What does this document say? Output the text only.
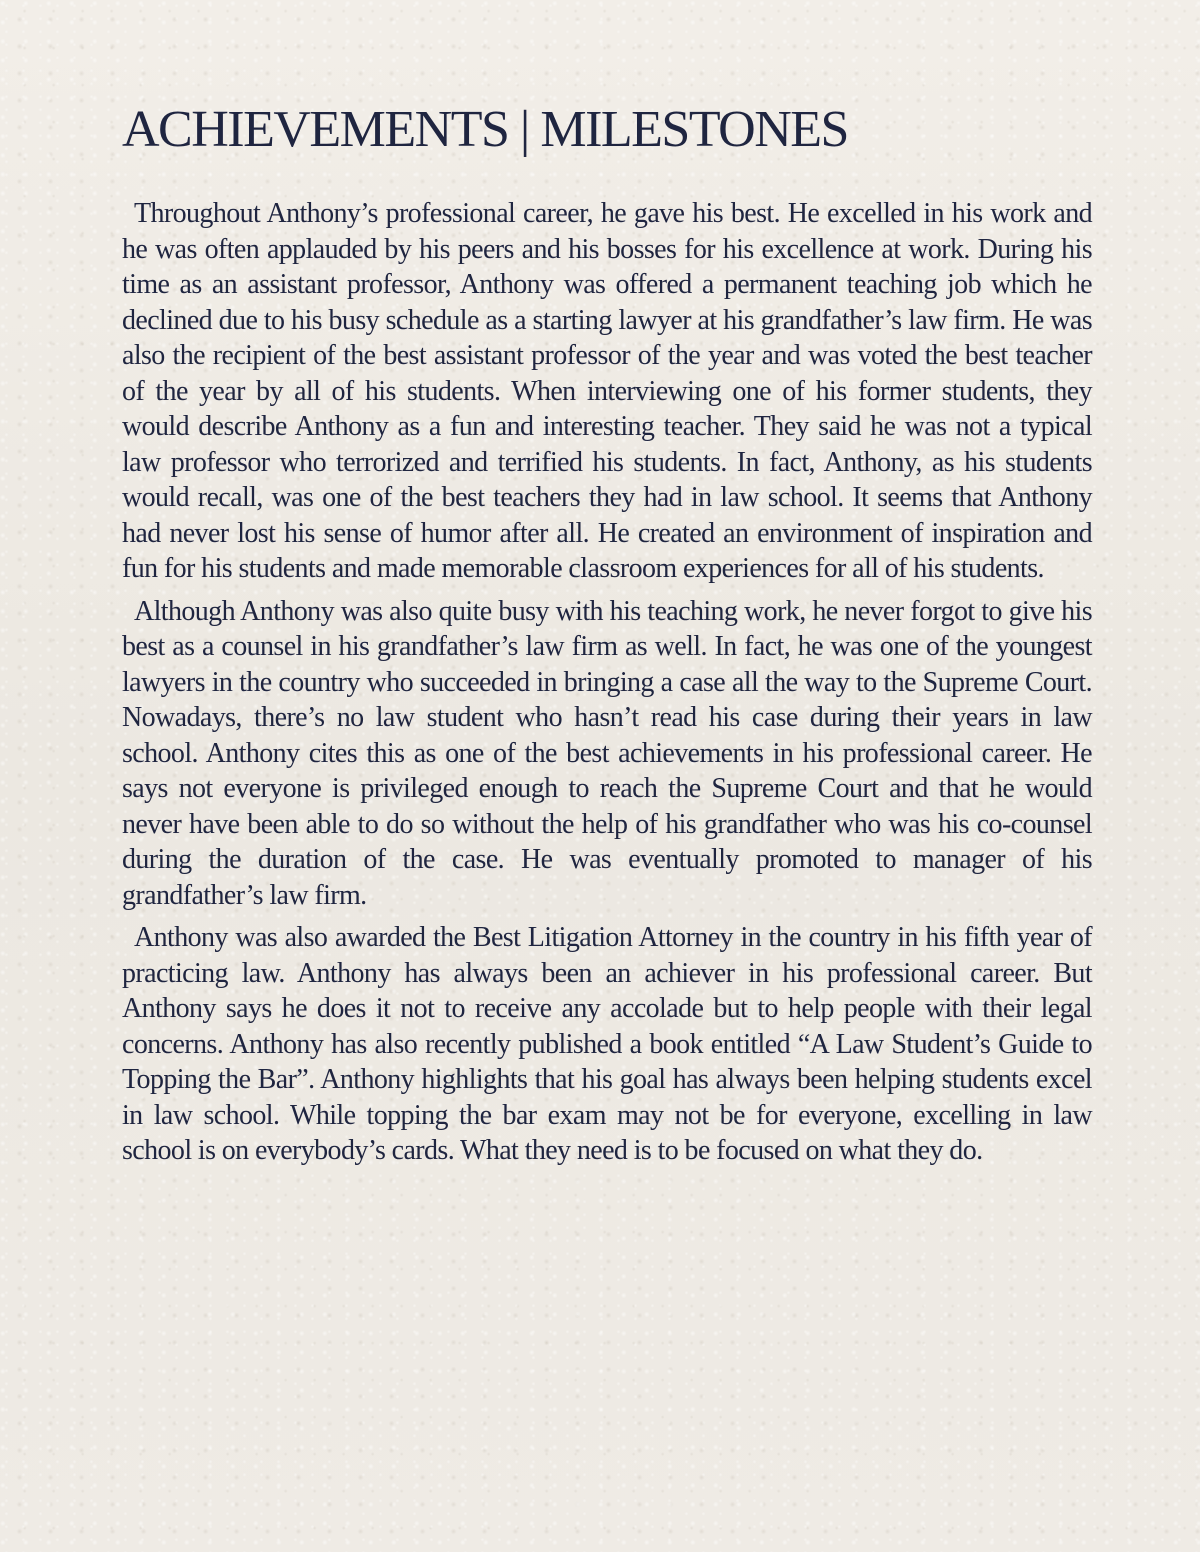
ACHIEVEMENTS | MILESTONES

Throughout Anthony’s professional career, he gave his best. He excelled in his work and he was often applauded by his peers and his bosses for his excellence at work. During his time as an assistant professor, Anthony was offered a permanent teaching job which he declined due to his busy schedule as a starting lawyer at his grandfather’s law firm. He was also the recipient of the best assistant professor of the year and was voted the best teacher of the year by all of his students. When interviewing one of his former students, they would describe Anthony as a fun and interesting teacher. They said he was not a typical law professor who terrorized and terrified his students. In fact, Anthony, as his students would recall, was one of the best teachers they had in law school. It seems that Anthony had never lost his sense of humor after all. He created an environment of inspiration and fun for his students and made memorable classroom experiences for all of his students.

Although Anthony was also quite busy with his teaching work, he never forgot to give his best as a counsel in his grandfather’s law firm as well. In fact, he was one of the youngest lawyers in the country who succeeded in bringing a case all the way to the Supreme Court. Nowadays, there’s no law student who hasn’t read his case during their years in law school. Anthony cites this as one of the best achievements in his professional career. He says not everyone is privileged enough to reach the Supreme Court and that he would never have been able to do so without the help of his grandfather who was his co-counsel during the duration of the case. He was eventually promoted to manager of his grandfather’s law firm.

Anthony was also awarded the Best Litigation Attorney in the country in his fifth year of practicing law. Anthony has always been an achiever in his professional career. But Anthony says he does it not to receive any accolade but to help people with their legal concerns. Anthony has also recently published a book entitled “A Law Student’s Guide to Topping the Bar”. Anthony highlights that his goal has always been helping students excel in law school. While topping the bar exam may not be for everyone, excelling in law school is on everybody’s cards. What they need is to be focused on what they do.
